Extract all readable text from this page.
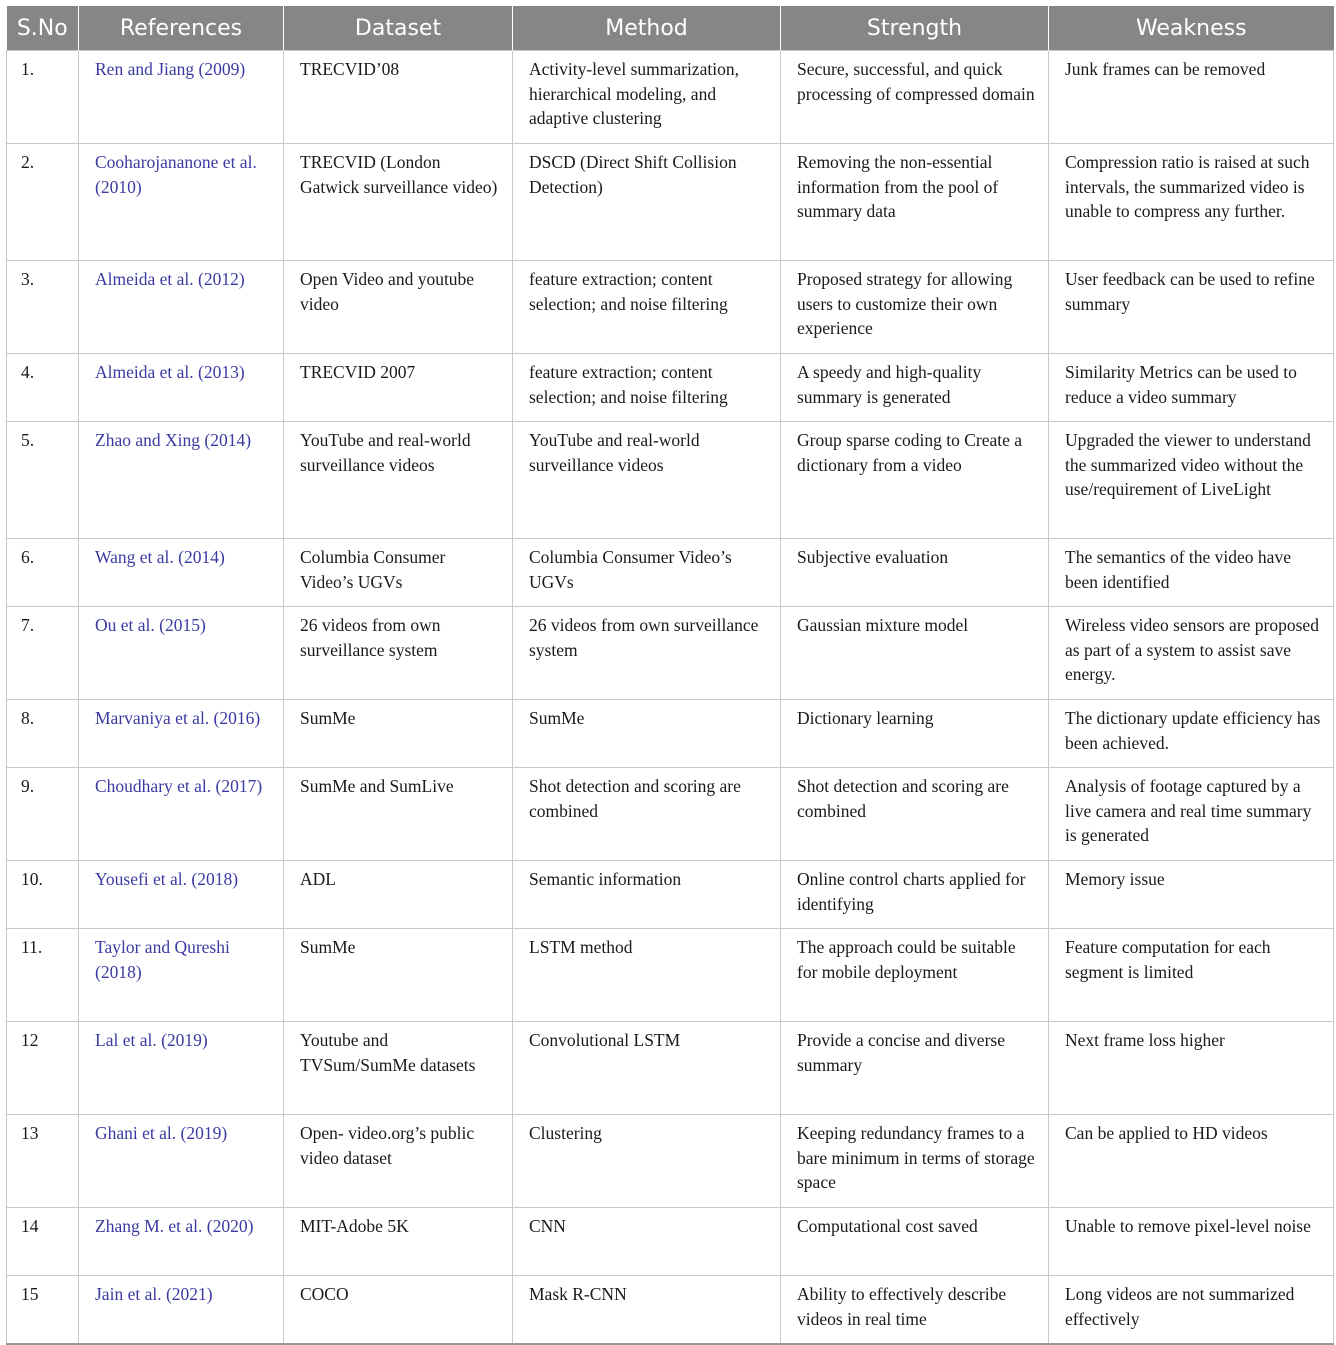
S.No	References	Dataset	Method	Strength	Weakness
1.	Ren and Jiang (2009)	TRECVID’08	Activity-level summarization, hierarchical modeling, and adaptive clustering	Secure, successful, and quick processing of compressed domain	Junk frames can be removed
2.	Cooharojananone et al. (2010)	TRECVID (London Gatwick surveillance video)	DSCD (Direct Shift Collision Detection)	Removing the non-essential information from the pool of summary data	Compression ratio is raised at such intervals, the summarized video is unable to compress any further.
3.	Almeida et al. (2012)	Open Video and youtube video	feature extraction; content selection; and noise filtering	Proposed strategy for allowing users to customize their own experience	User feedback can be used to refine summary
4.	Almeida et al. (2013)	TRECVID 2007	feature extraction; content selection; and noise filtering	A speedy and high-quality summary is generated	Similarity Metrics can be used to reduce a video summary
5.	Zhao and Xing (2014)	YouTube and real-world surveillance videos	YouTube and real-world surveillance videos	Group sparse coding to Create a dictionary from a video	Upgraded the viewer to understand the summarized video without the use/requirement of LiveLight
6.	Wang et al. (2014)	Columbia Consumer Video’s UGVs	Columbia Consumer Video’s UGVs	Subjective evaluation	The semantics of the video have been identified
7.	Ou et al. (2015)	26 videos from own surveillance system	26 videos from own surveillance system	Gaussian mixture model	Wireless video sensors are proposed as part of a system to assist save energy.
8.	Marvaniya et al. (2016)	SumMe	SumMe	Dictionary learning	The dictionary update efficiency has been achieved.
9.	Choudhary et al. (2017)	SumMe and SumLive	Shot detection and scoring are combined	Shot detection and scoring are combined	Analysis of footage captured by a live camera and real time summary is generated
10.	Yousefi et al. (2018)	ADL	Semantic information	Online control charts applied for identifying	Memory issue
11.	Taylor and Qureshi (2018)	SumMe	LSTM method	The approach could be suitable for mobile deployment	Feature computation for each segment is limited
12	Lal et al. (2019)	Youtube and TVSum/SumMe datasets	Convolutional LSTM	Provide a concise and diverse summary	Next frame loss higher
13	Ghani et al. (2019)	Open- video.org’s public video dataset	Clustering	Keeping redundancy frames to a bare minimum in terms of storage space	Can be applied to HD videos
14	Zhang M. et al. (2020)	MIT-Adobe 5K	CNN	Computational cost saved	Unable to remove pixel-level noise
15	Jain et al. (2021)	COCO	Mask R-CNN	Ability to effectively describe videos in real time	Long videos are not summarized effectively
